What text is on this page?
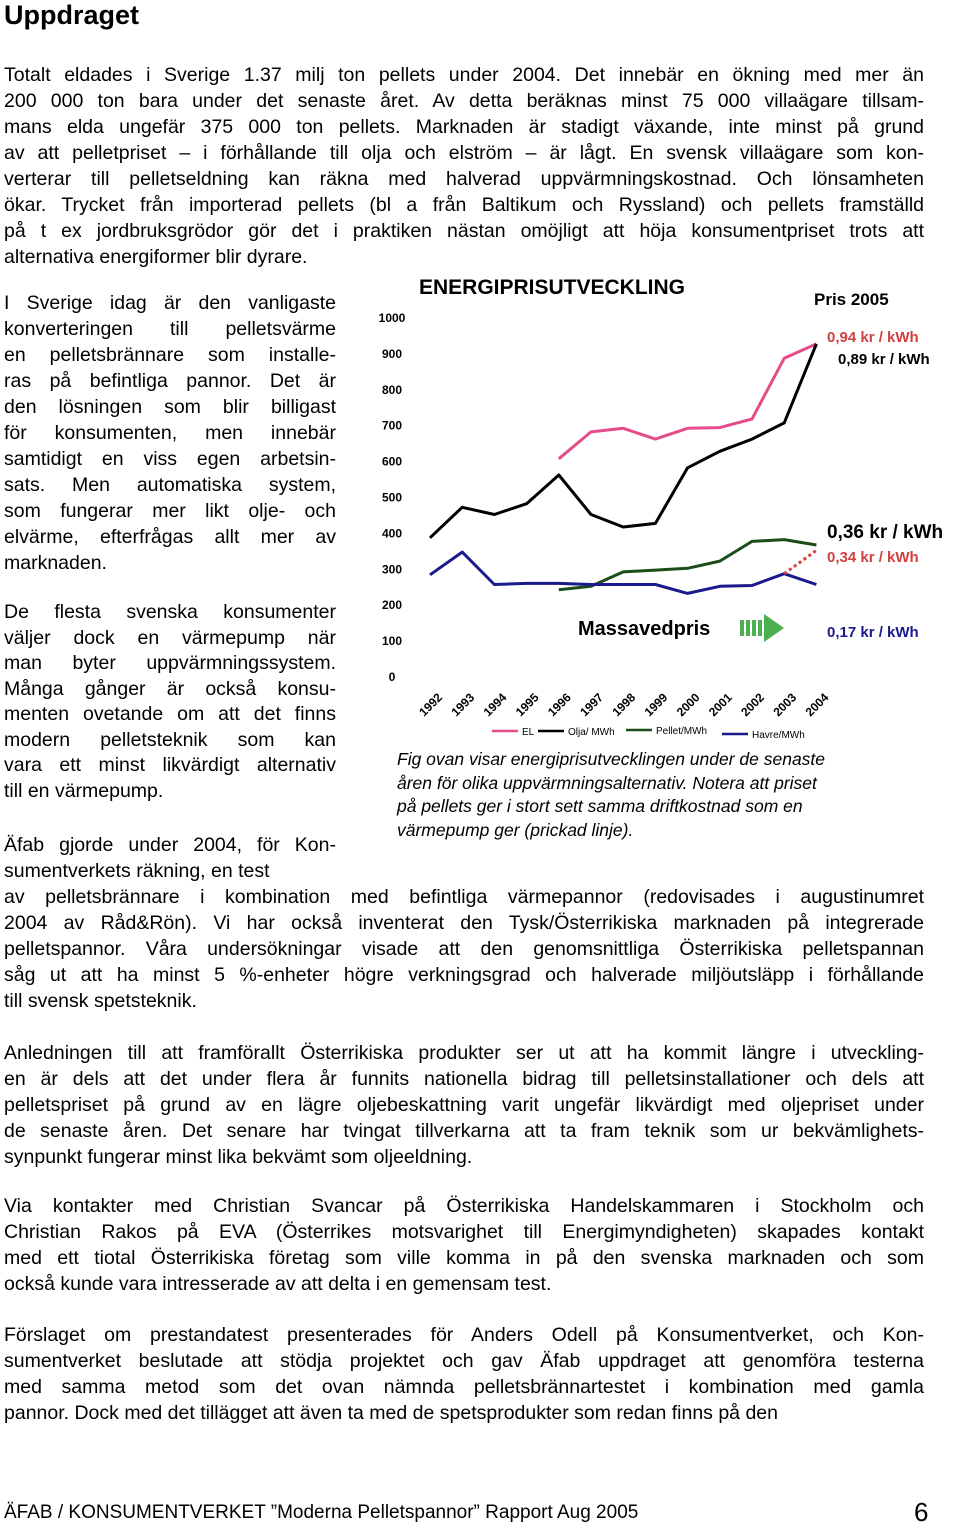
Uppdraget
Totalt eldades i Sverige 1.37 milj ton pellets under 2004. Det innebär en ökning med mer än
200 000 ton bara under det senaste året. Av detta beräknas minst 75 000 villaägare tillsam-
mans elda ungefär 375 000 ton pellets. Marknaden är stadigt växande, inte minst på grund
av att pelletpriset – i förhållande till olja och elström – är lågt. En svensk villaägare som kon-
verterar till pelletseldning kan räkna med halverad uppvärmningskostnad. Och lönsamheten
ökar. Trycket från importerad pellets (bl a från Baltikum och Ryssland) och pellets framställd
på t ex jordbruksgrödor gör det i praktiken nästan omöjligt att höja konsumentpriset trots att
alternativa energiformer blir dyrare.
I Sverige idag är den vanligaste
konverteringen till pelletsvärme
en pelletsbrännare som installe-
ras på befintliga pannor. Det är
den lösningen som blir billigast
för konsumenten, men innebär
samtidigt en viss egen arbetsin-
sats. Men automatiska system,
som fungerar mer likt olje- och
elvärme, efterfrågas allt mer av
marknaden.
De flesta svenska konsumenter
väljer dock en värmepump när
man byter uppvärmningssystem.
Många gånger är också konsu-
menten ovetande om att det finns
modern pelletsteknik som kan
vara ett minst likvärdigt alternativ
till en värmepump.
Äfab gjorde under 2004, för Kon-
sumentverkets räkning, en test
ENERGIPRISUTVECKLING
0
100
200
300
400
500
600
700
800
900
1000
1992 1993 1994 1995 1996 1997 1998 1999 2000 2001 2002 2003 2004
EL	Olja/ MWh	Pellet/MWh	Havre/MWh
Pris 2005
0,94 kr / kWh
0,89 kr / kWh
0,36 kr / kWh
0,34 kr / kWh
0,17 kr / kWh
Massavedpris
Fig ovan visar energiprisutvecklingen under de senaste
åren för olika uppvärmningsalternativ. Notera att priset
på pellets ger i stort sett samma driftkostnad som en
värmepump ger (prickad linje).
av pelletsbrännare i kombination med befintliga värmepannor (redovisades i augustinumret
2004 av Råd&Rön). Vi har också inventerat den Tysk/Österrikiska marknaden på integrerade
pelletspannor. Våra undersökningar visade att den genomsnittliga Österrikiska pelletspannan
såg ut att ha minst 5 %-enheter högre verkningsgrad och halverade miljöutsläpp i förhållande
till svensk spetsteknik.
Anledningen till att framförallt Österrikiska produkter ser ut att ha kommit längre i utveckling-
en är dels att det under flera år funnits nationella bidrag till pelletsinstallationer och dels att
pelletspriset på grund av en lägre oljebeskattning varit ungefär likvärdigt med oljepriset under
de senaste åren. Det senare har tvingat tillverkarna att ta fram teknik som ur bekvämlighets-
synpunkt fungerar minst lika bekvämt som oljeeldning.
Via kontakter med Christian Svancar på Österrikiska Handelskammaren i Stockholm och
Christian Rakos på EVA (Österrikes motsvarighet till Energimyndigheten) skapades kontakt
med ett tiotal Österrikiska företag som ville komma in på den svenska marknaden och som
också kunde vara intresserade av att delta i en gemensam test.
Förslaget om prestandatest presenterades för Anders Odell på Konsumentverket, och Kon-
sumentverket beslutade att stödja projektet och gav Äfab uppdraget att genomföra testerna
med samma metod som det ovan nämnda pelletsbrännartestet i kombination med gamla
pannor. Dock med det tillägget att även ta med de spetsprodukter som redan finns på den
ÄFAB / KONSUMENTVERKET ”Moderna Pelletspannor” Rapport Aug 2005	6
